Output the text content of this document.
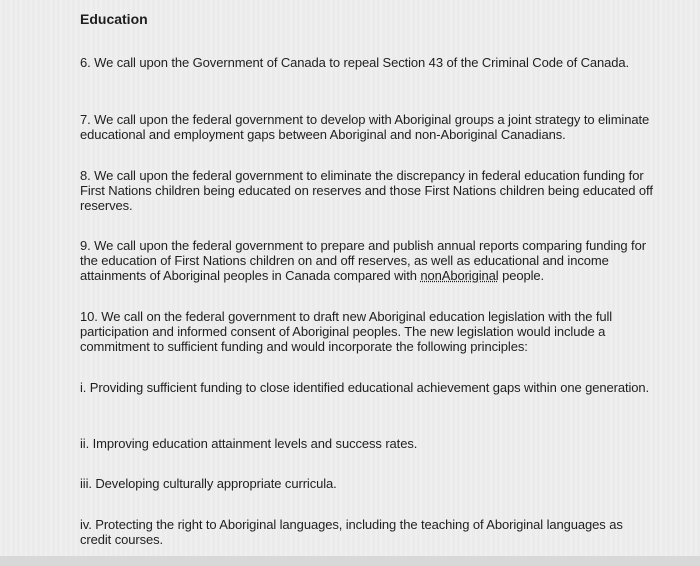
Education
6. We call upon the Government of Canada to repeal Section 43 of the Criminal Code of Canada.
7. We call upon the federal government to develop with Aboriginal groups a joint strategy to eliminate educational and employment gaps between Aboriginal and non-Aboriginal Canadians.
8. We call upon the federal government to eliminate the discrepancy in federal education funding for First Nations children being educated on reserves and those First Nations children being educated off reserves.
9. We call upon the federal government to prepare and publish annual reports comparing funding for the education of First Nations children on and off reserves, as well as educational and income attainments of Aboriginal peoples in Canada compared with nonAboriginal people.
10. We call on the federal government to draft new Aboriginal education legislation with the full participation and informed consent of Aboriginal peoples. The new legislation would include a commitment to sufficient funding and would incorporate the following principles:
i. Providing sufficient funding to close identified educational achievement gaps within one generation.
ii. Improving education attainment levels and success rates.
iii. Developing culturally appropriate curricula.
iv. Protecting the right to Aboriginal languages, including the teaching of Aboriginal languages as credit courses.
